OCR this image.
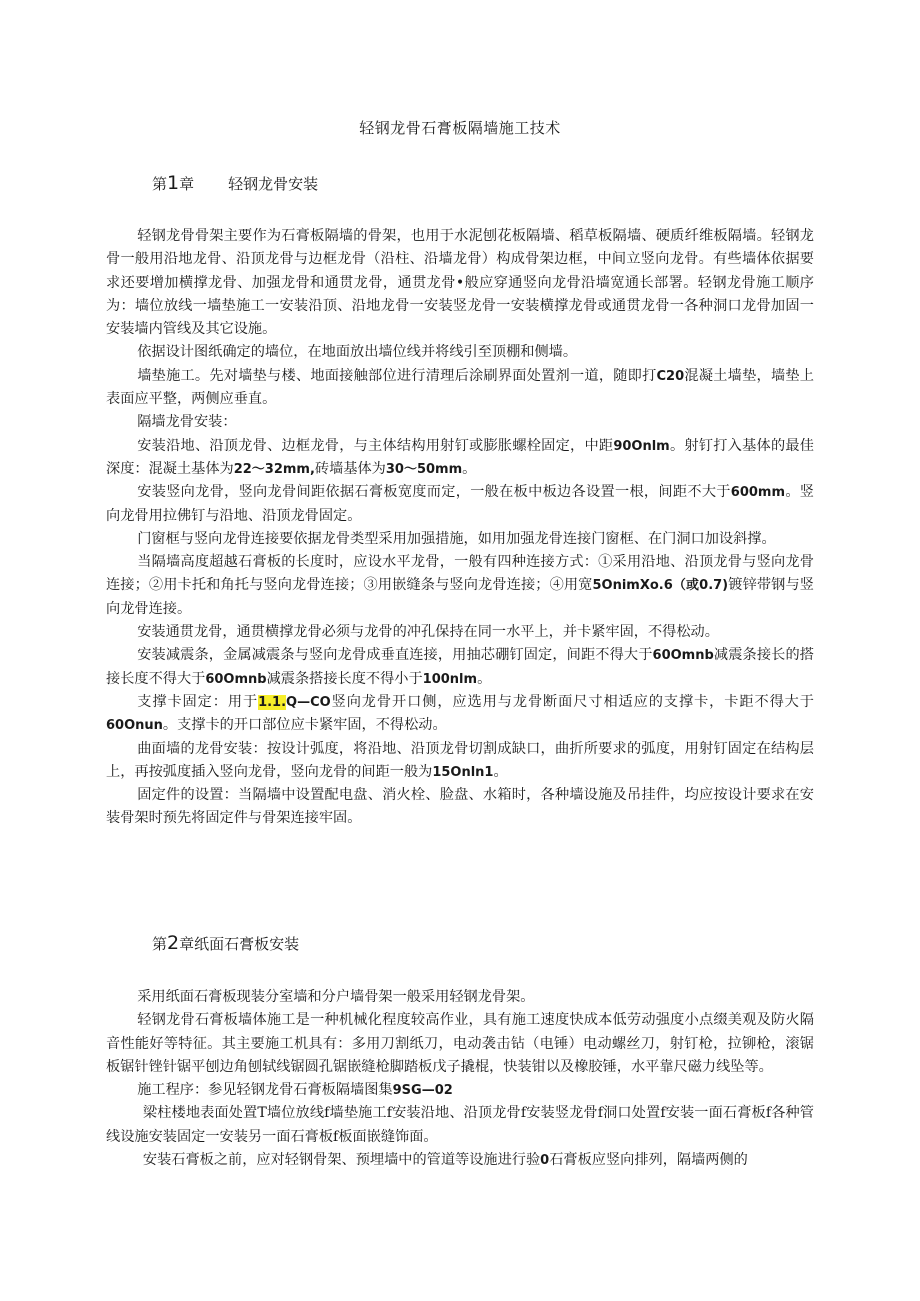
轻钢龙骨石膏板隔墙施工技术
第1章 轻钢龙骨安装

轻钢龙骨骨架主要作为石膏板隔墙的骨架，也用于水泥刨花板隔墙、稻草板隔墙、硬质纤维板隔墙。轻钢龙骨一般用沿地龙骨、沿顶龙骨与边框龙骨（沿柱、沿墙龙骨）构成骨架边框，中间立竖向龙骨。有些墙体依据要求还要增加横撑龙骨、加强龙骨和通贯龙骨，通贯龙骨•般应穿通竖向龙骨沿墙宽通长部署。轻钢龙骨施工顺序为：墙位放线一墙垫施工一安装沿顶、沿地龙骨一安装竖龙骨一安装横撑龙骨或通贯龙骨一各种洞口龙骨加固一安装墙内管线及其它设施。

依据设计图纸确定的墙位，在地面放出墙位线并将线引至顶棚和侧墙。

墙垫施工。先对墙垫与楼、地面接触部位进行清理后涂刷界面处置剂一道，随即打C20混凝土墙垫，墙垫上表面应平整，两侧应垂直。

隔墙龙骨安装：

安装沿地、沿顶龙骨、边框龙骨，与主体结构用射钉或膨胀螺栓固定，中距90Onlm。射钉打入基体的最佳深度：混凝土基体为22〜32mm,砖墙基体为30〜50mm。

安装竖向龙骨，竖向龙骨间距依据石膏板宽度而定，一般在板中板边各设置一根，间距不大于600mm。竖向龙骨用拉佛钉与沿地、沿顶龙骨固定。

门窗框与竖向龙骨连接要依据龙骨类型采用加强措施，如用加强龙骨连接门窗框、在门洞口加设斜撑。

当隔墙高度超越石膏板的长度时，应设水平龙骨，一般有四种连接方式：①采用沿地、沿顶龙骨与竖向龙骨连接；②用卡托和角托与竖向龙骨连接；③用嵌缝条与竖向龙骨连接；④用宽5OnimXo.6（或0.7)镀锌带钢与竖向龙骨连接。

安装通贯龙骨，通贯横撑龙骨必须与龙骨的冲孔保持在同一水平上，并卡紧牢固，不得松动。

安装减震条，金属减震条与竖向龙骨成垂直连接，用抽芯硼钉固定，间距不得大于60Omnb减震条接长的搭接长度不得大于60Omnb减震条搭接长度不得小于100nlm。

支撑卡固定：用于1.1.Q—CO竖向龙骨开口侧，应选用与龙骨断面尺寸相适应的支撑卡，卡距不得大于60Onun。支撑卡的开口部位应卡紧牢固，不得松动。

曲面墙的龙骨安装：按设计弧度，将沿地、沿顶龙骨切割成缺口，曲折所要求的弧度，用射钉固定在结构层上，再按弧度插入竖向龙骨，竖向龙骨的间距一般为15Onln1。

固定件的设置：当隔墙中设置配电盘、消火栓、脸盘、水箱时，各种墙设施及吊挂件，均应按设计要求在安装骨架时预先将固定件与骨架连接牢固。

第2章纸面石膏板安装

采用纸面石膏板现装分室墙和分户墙骨架一般采用轻钢龙骨架。

轻钢龙骨石膏板墙体施工是一种机械化程度较高作业，具有施工速度快成本低劳动强度小点缀美观及防火隔音性能好等特征。其主要施工机具有：多用刀割纸刀，电动袭击钻（电锤）电动螺丝刀，射钉枪，拉铆枪，滚锯板锯针锉针锯平刨边角刨轼线锯圆孔锯嵌缝枪脚踏板戊子撬棍，快装钳以及橡胶锤，水平靠尺磁力线坠等。

施工程序：参见轻钢龙骨石膏板隔墙图集9SG—02

梁柱楼地表面处置T墙位放线f墙垫施工f安装沿地、沿顶龙骨f安装竖龙骨f洞口处置f安装一面石膏板f各种管线设施安装固定一安装另一面石膏板f板面嵌缝饰面。

安装石膏板之前，应对轻钢骨架、预埋墙中的管道等设施进行验0石膏板应竖向排列，隔墙两侧的
